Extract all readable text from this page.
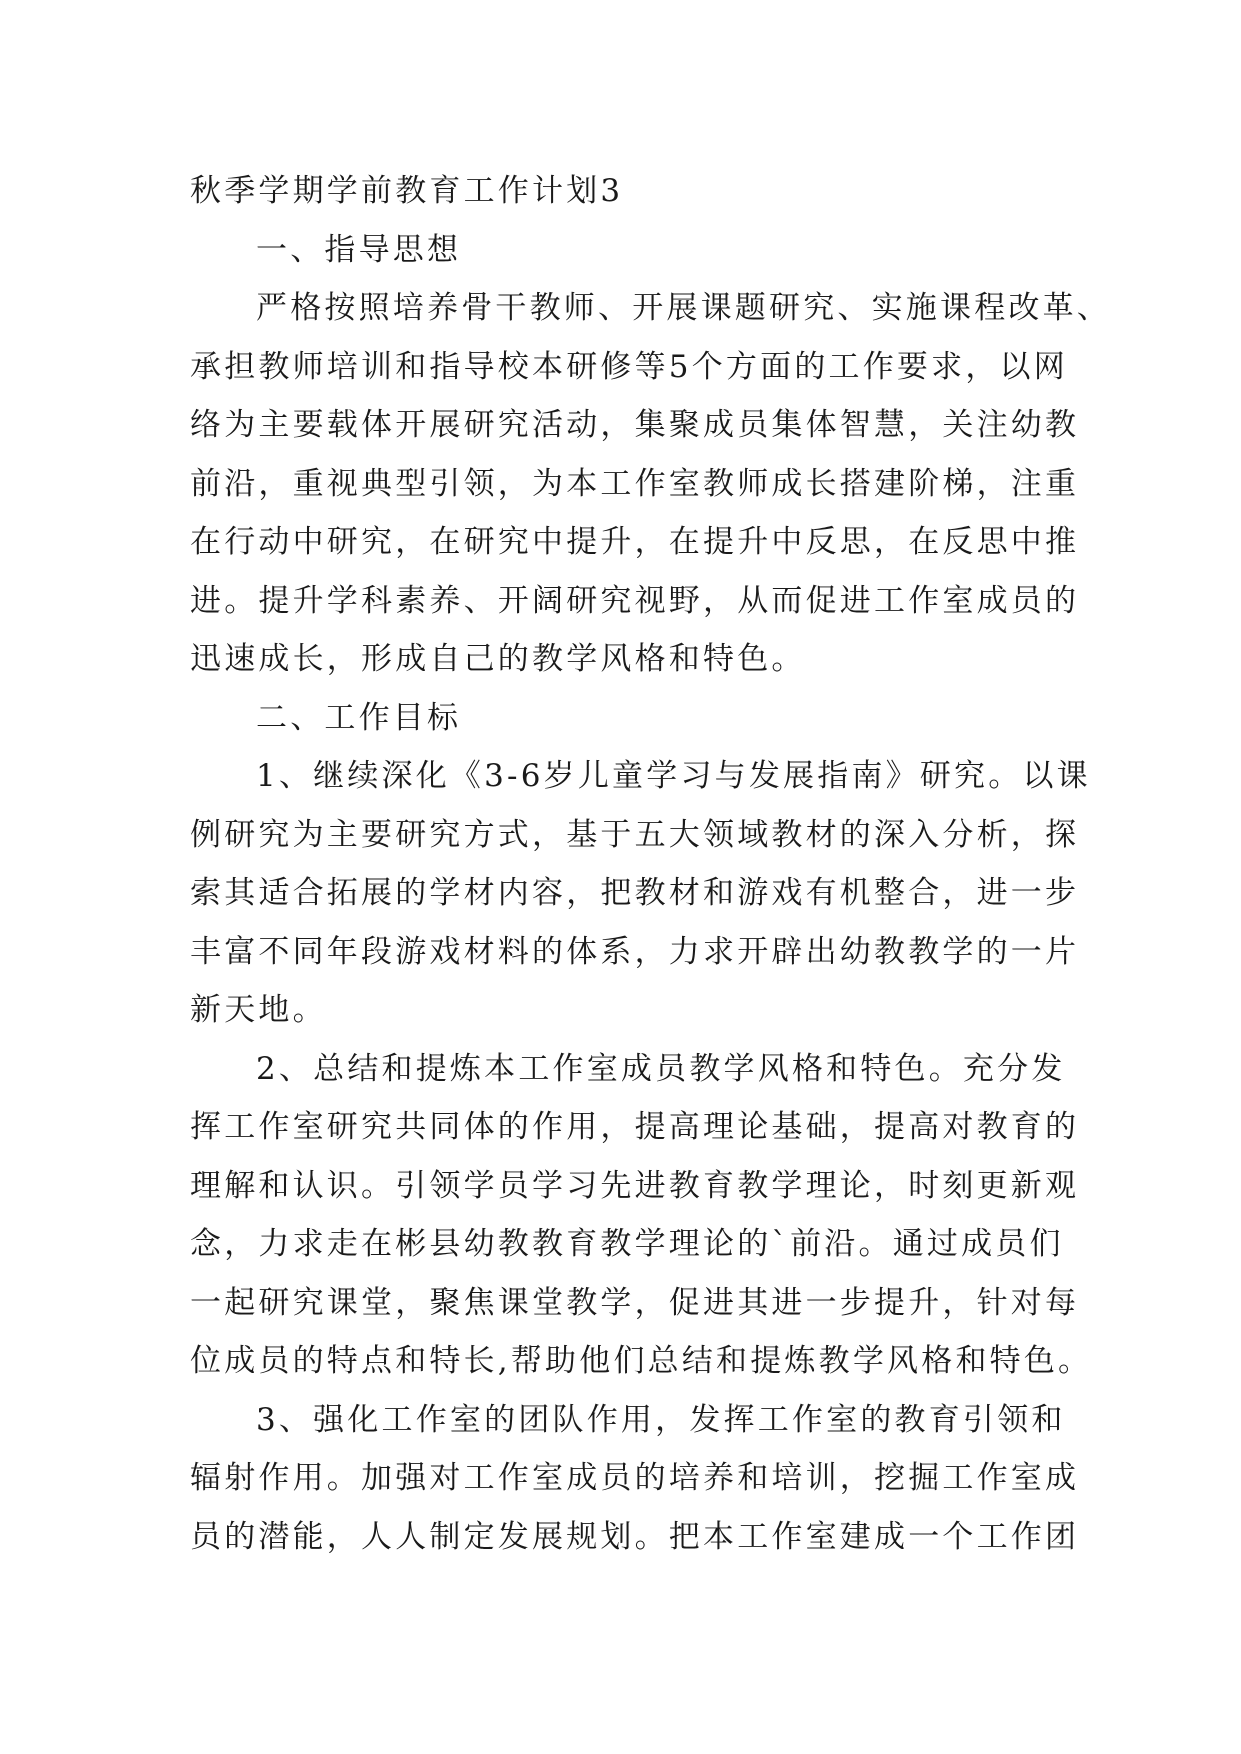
秋季学期学前教育工作计划3
一、指导思想
严格按照培养骨干教师、开展课题研究、实施课程改革、
承担教师培训和指导校本研修等5个方面的工作要求，以网
络为主要载体开展研究活动，集聚成员集体智慧，关注幼教
前沿，重视典型引领，为本工作室教师成长搭建阶梯，注重
在行动中研究，在研究中提升，在提升中反思，在反思中推
进。提升学科素养、开阔研究视野，从而促进工作室成员的
迅速成长，形成自己的教学风格和特色。
二、工作目标
1、继续深化《3-6岁儿童学习与发展指南》研究。以课
例研究为主要研究方式，基于五大领域教材的深入分析，探
索其适合拓展的学材内容，把教材和游戏有机整合，进一步
丰富不同年段游戏材料的体系，力求开辟出幼教教学的一片
新天地。
2、总结和提炼本工作室成员教学风格和特色。充分发
挥工作室研究共同体的作用，提高理论基础，提高对教育的
理解和认识。引领学员学习先进教育教学理论，时刻更新观
念，力求走在彬县幼教教育教学理论的`前沿。通过成员们
一起研究课堂，聚焦课堂教学，促进其进一步提升，针对每
位成员的特点和特长,帮助他们总结和提炼教学风格和特色。
3、强化工作室的团队作用，发挥工作室的教育引领和
辐射作用。加强对工作室成员的培养和培训，挖掘工作室成
员的潜能，人人制定发展规划。把本工作室建成一个工作团
